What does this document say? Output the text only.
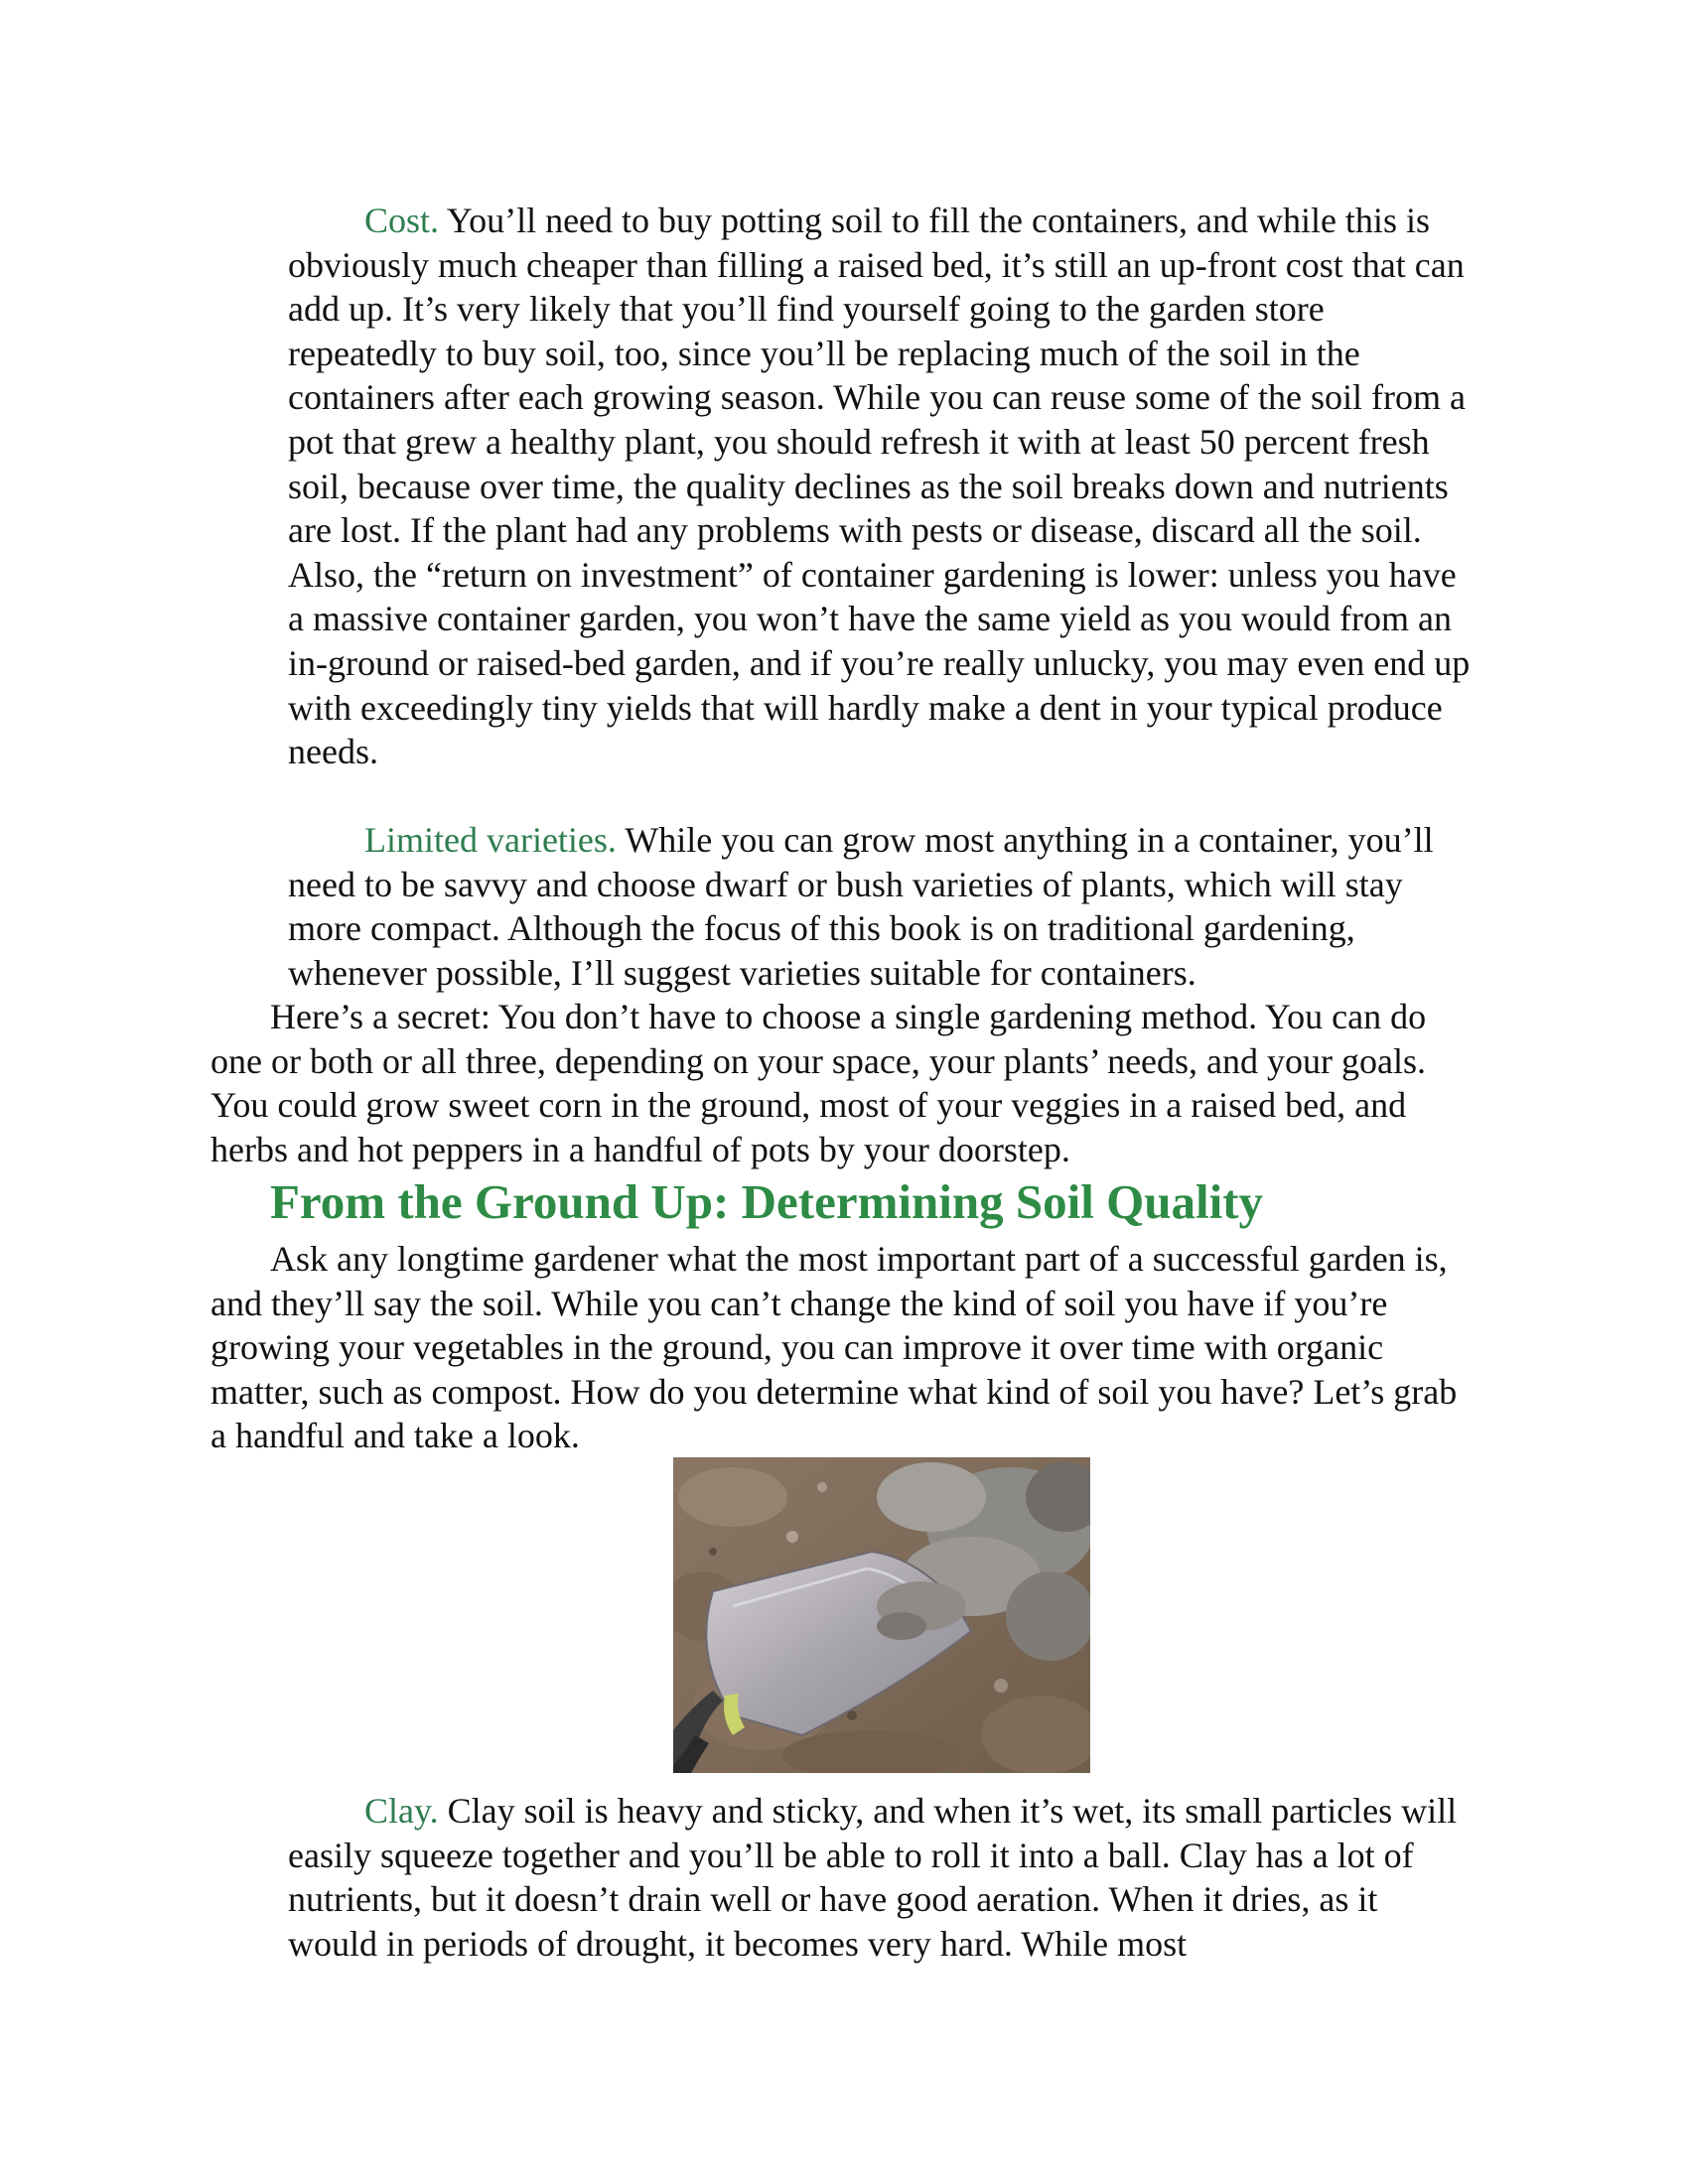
Cost. You’ll need to buy potting soil to fill the containers, and while this is obviously much cheaper than filling a raised bed, it’s still an up-front cost that can add up. It’s very likely that you’ll find yourself going to the garden store repeatedly to buy soil, too, since you’ll be replacing much of the soil in the containers after each growing season. While you can reuse some of the soil from a pot that grew a healthy plant, you should refresh it with at least 50 percent fresh soil, because over time, the quality declines as the soil breaks down and nutrients are lost. If the plant had any problems with pests or disease, discard all the soil. Also, the “return on investment” of container gardening is lower: unless you have a massive container garden, you won’t have the same yield as you would from an in-ground or raised-bed garden, and if you’re really unlucky, you may even end up with exceedingly tiny yields that will hardly make a dent in your typical produce needs.

Limited varieties. While you can grow most anything in a container, you’ll need to be savvy and choose dwarf or bush varieties of plants, which will stay more compact. Although the focus of this book is on traditional gardening, whenever possible, I’ll suggest varieties suitable for containers.

Here’s a secret: You don’t have to choose a single gardening method. You can do one or both or all three, depending on your space, your plants’ needs, and your goals. You could grow sweet corn in the ground, most of your veggies in a raised bed, and herbs and hot peppers in a handful of pots by your doorstep.

From the Ground Up: Determining Soil Quality

Ask any longtime gardener what the most important part of a successful garden is, and they’ll say the soil. While you can’t change the kind of soil you have if you’re growing your vegetables in the ground, you can improve it over time with organic matter, such as compost. How do you determine what kind of soil you have? Let’s grab a handful and take a look.

Clay. Clay soil is heavy and sticky, and when it’s wet, its small particles will easily squeeze together and you’ll be able to roll it into a ball. Clay has a lot of nutrients, but it doesn’t drain well or have good aeration. When it dries, as it would in periods of drought, it becomes very hard. While most
